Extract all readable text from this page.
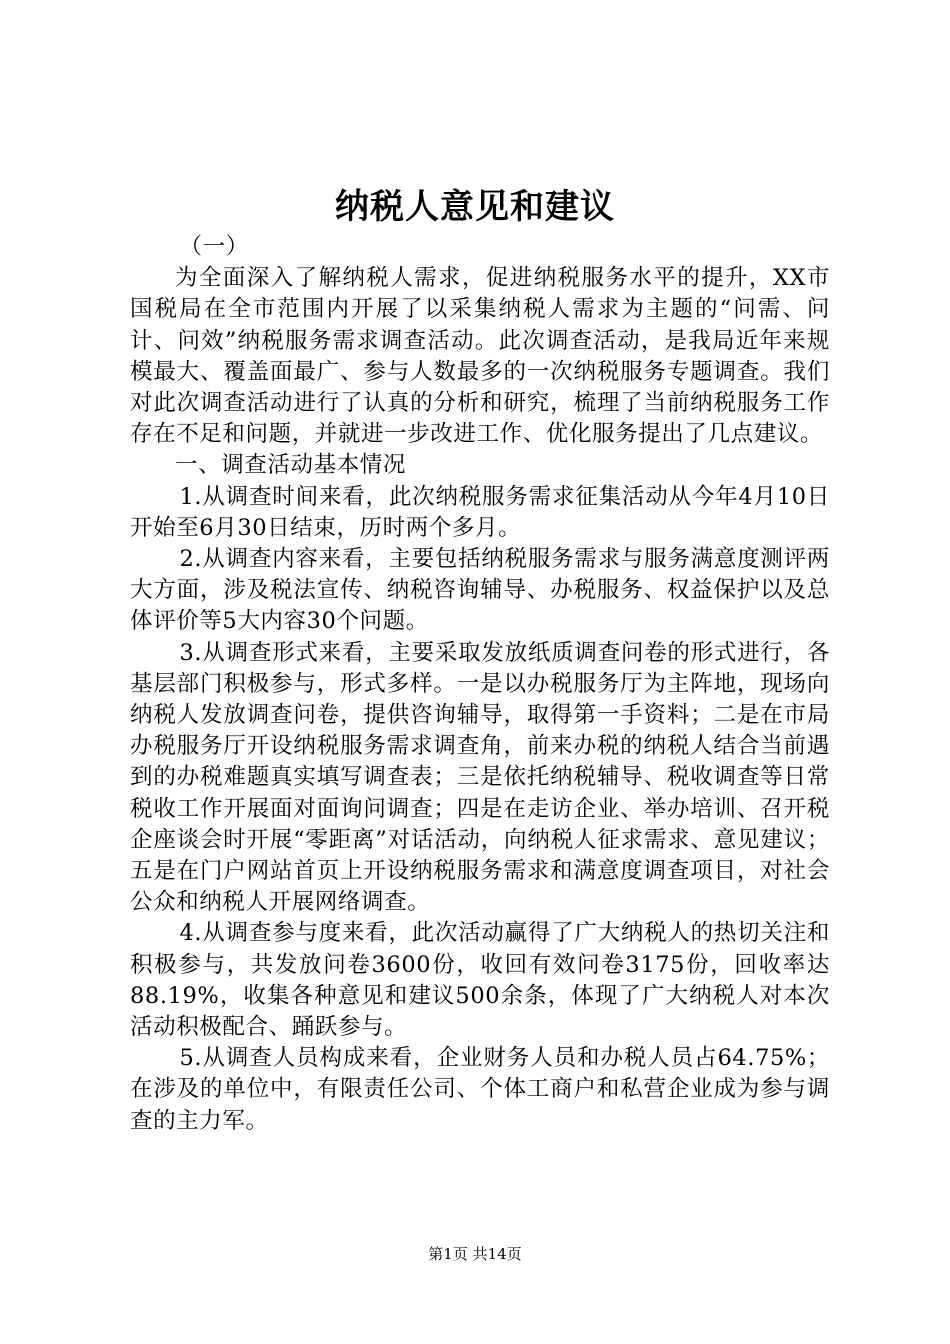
纳税人意见和建议

（一）

为全面深入了解纳税人需求，促进纳税服务水平的提升，XX市国税局在全市范围内开展了以采集纳税人需求为主题的“问需、问计、问效”纳税服务需求调查活动。此次调查活动，是我局近年来规模最大、覆盖面最广、参与人数最多的一次纳税服务专题调查。我们对此次调查活动进行了认真的分析和研究，梳理了当前纳税服务工作存在不足和问题，并就进一步改进工作、优化服务提出了几点建议。

一、调查活动基本情况

1.从调查时间来看，此次纳税服务需求征集活动从今年4月10日开始至6月30日结束，历时两个多月。

2.从调查内容来看，主要包括纳税服务需求与服务满意度测评两大方面，涉及税法宣传、纳税咨询辅导、办税服务、权益保护以及总体评价等5大内容30个问题。

3.从调查形式来看，主要采取发放纸质调查问卷的形式进行，各基层部门积极参与，形式多样。一是以办税服务厅为主阵地，现场向纳税人发放调查问卷，提供咨询辅导，取得第一手资料；二是在市局办税服务厅开设纳税服务需求调查角，前来办税的纳税人结合当前遇到的办税难题真实填写调查表；三是依托纳税辅导、税收调查等日常税收工作开展面对面询问调查；四是在走访企业、举办培训、召开税企座谈会时开展“零距离”对话活动，向纳税人征求需求、意见建议；五是在门户网站首页上开设纳税服务需求和满意度调查项目，对社会公众和纳税人开展网络调查。

4.从调查参与度来看，此次活动赢得了广大纳税人的热切关注和积极参与，共发放问卷3600份，收回有效问卷3175份，回收率达88.19%，收集各种意见和建议500余条，体现了广大纳税人对本次活动积极配合、踊跃参与。

5.从调查人员构成来看，企业财务人员和办税人员占64.75%；在涉及的单位中，有限责任公司、个体工商户和私营企业成为参与调查的主力军。

第1页 共14页
